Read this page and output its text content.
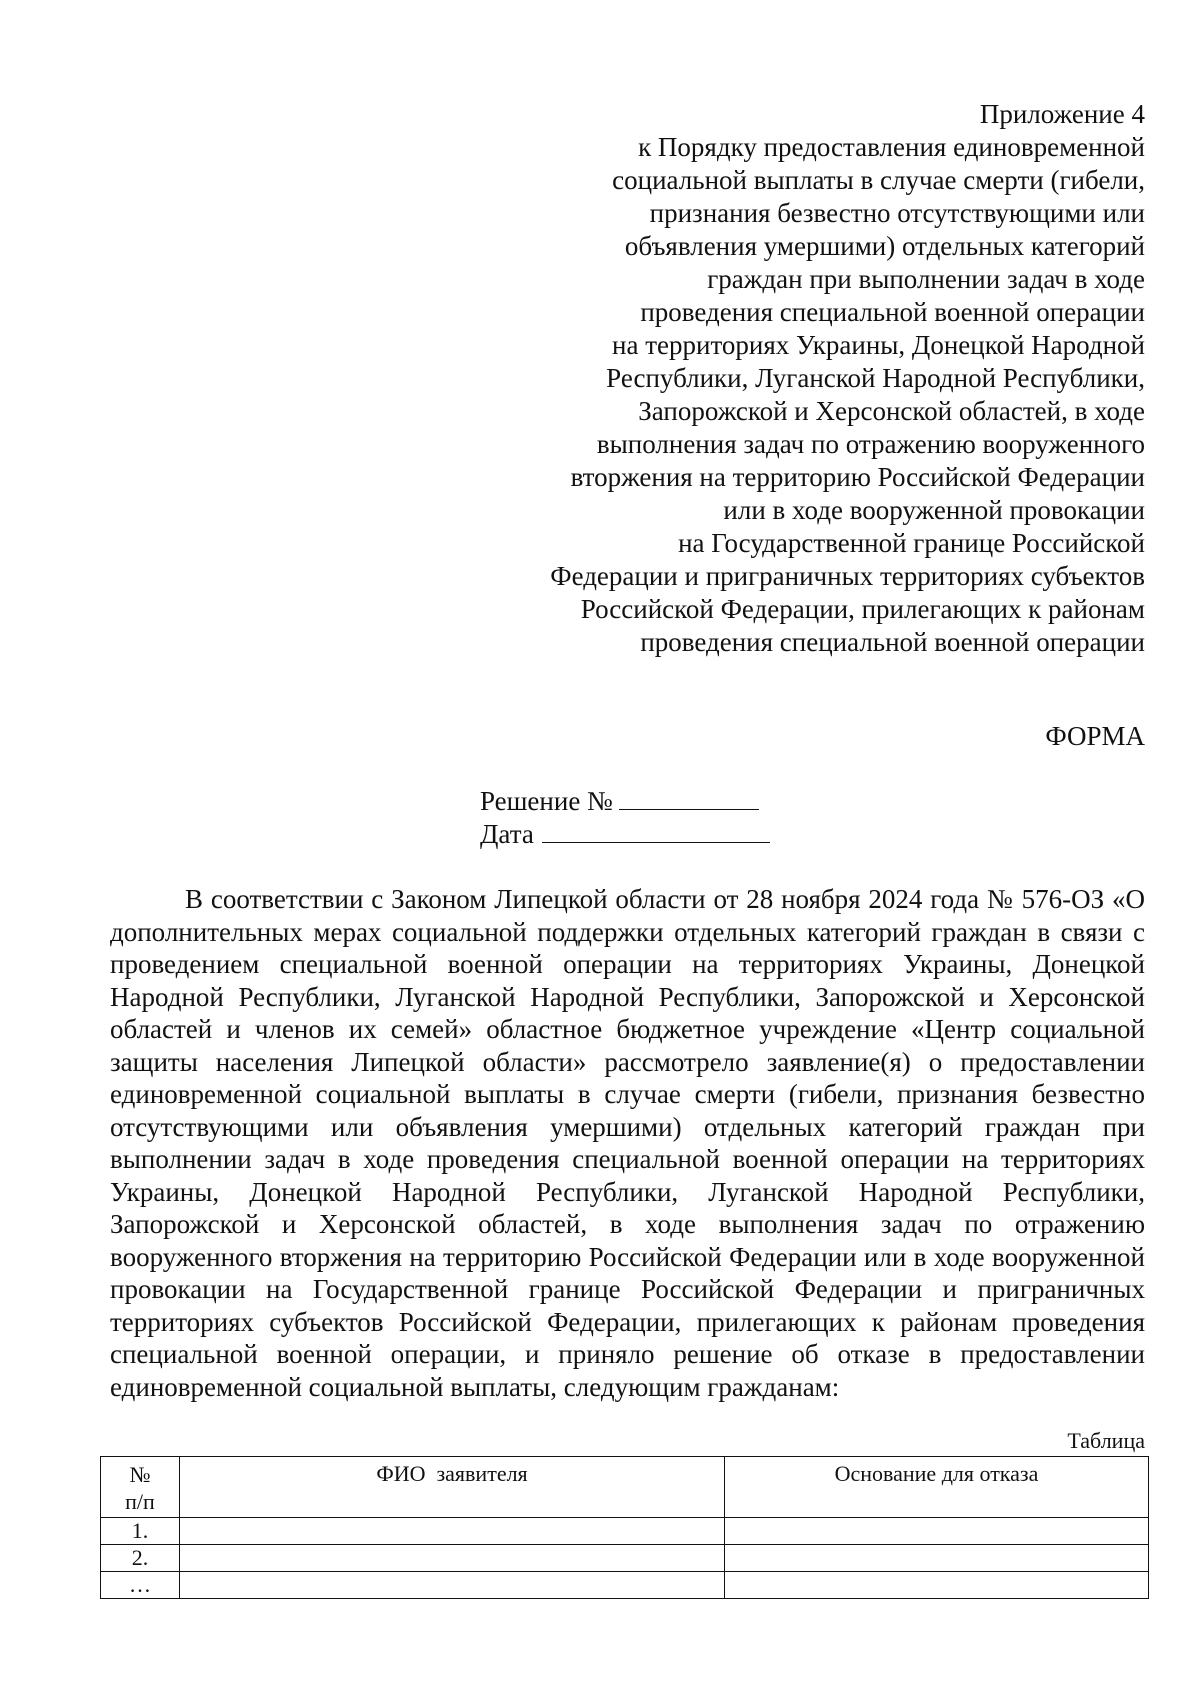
Приложение 4
к Порядку предоставления единовременной
социальной выплаты в случае смерти (гибели,
признания безвестно отсутствующими или
объявления умершими) отдельных категорий
граждан при выполнении задач в ходе
проведения специальной военной операции
на территориях Украины, Донецкой Народной
Республики, Луганской Народной Республики,
Запорожской и Херсонской областей, в ходе
выполнения задач по отражению вооруженного
вторжения на территорию Российской Федерации
или в ходе вооруженной провокации
на Государственной границе Российской
Федерации и приграничных территориях субъектов
Российской Федерации, прилегающих к районам
проведения специальной военной операции
ФОРМА
Решение №
Дата

В соответствии с Законом Липецкой области от 28 ноября 2024 года № 576-ОЗ «О дополнительных мерах социальной поддержки отдельных категорий граждан в связи с проведением специальной военной операции на территориях Украины, Донецкой Народной Республики, Луганской Народной Республики, Запорожской и Херсонской областей и членов их семей» областное бюджетное учреждение «Центр социальной защиты населения Липецкой области» рассмотрело заявление(я) о предоставлении единовременной социальной выплаты в случае смерти (гибели, признания безвестно отсутствующими или объявления умершими) отдельных категорий граждан при выполнении задач в ходе проведения специальной военной операции на территориях Украины, Донецкой Народной Республики, Луганской Народной Республики, Запорожской и Херсонской областей, в ходе выполнения задач по отражению вооруженного вторжения на территорию Российской Федерации или в ходе вооруженной провокации на Государственной границе Российской Федерации и приграничных территориях субъектов Российской Федерации, прилегающих к районам проведения специальной военной операции, и приняло решение об отказе в предоставлении единовременной социальной выплаты, следующим гражданам:

Таблица
№
п/п	ФИО  заявителя	Основание для отказа
1.		
2.		
…		
